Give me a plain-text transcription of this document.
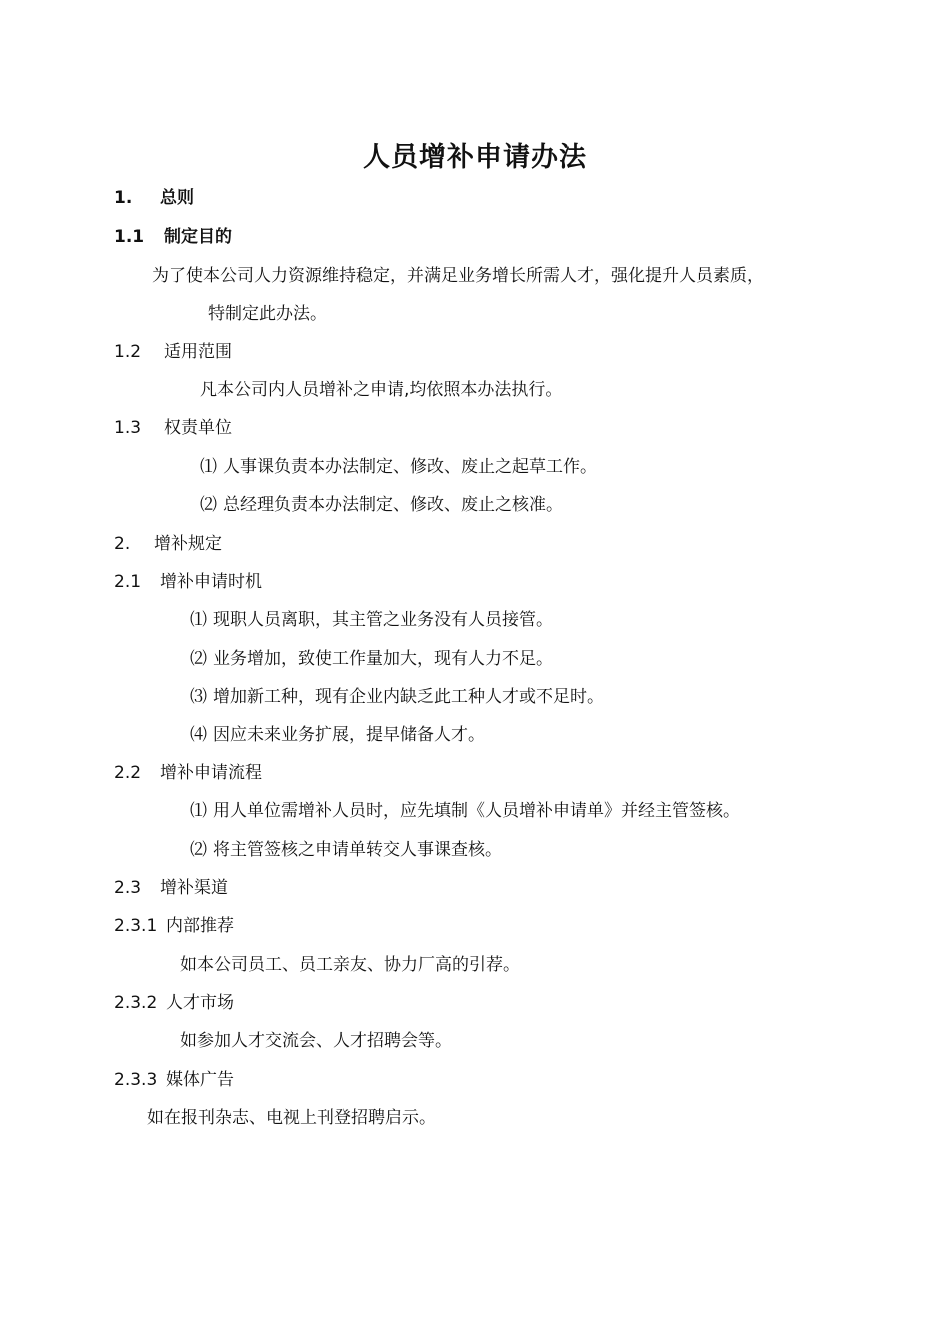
人员增补申请办法
1. 总则
1.1 制定目的
为了使本公司人力资源维持稳定，并满足业务增长所需人才，强化提升人员素质，
特制定此办法。
1.2 适用范围
凡本公司内人员增补之申请,均依照本办法执行。
1.3 权责单位
⑴ 人事课负责本办法制定、修改、废止之起草工作。
⑵ 总经理负责本办法制定、修改、废止之核准。
2. 增补规定
2.1 增补申请时机
⑴ 现职人员离职，其主管之业务没有人员接管。
⑵ 业务增加，致使工作量加大，现有人力不足。
⑶ 增加新工种，现有企业内缺乏此工种人才或不足时。
⑷ 因应未来业务扩展，提早储备人才。
2.2 增补申请流程
⑴ 用人单位需增补人员时，应先填制《人员增补申请单》并经主管签核。
⑵ 将主管签核之申请单转交人事课查核。
2.3 增补渠道
2.3.1 内部推荐
如本公司员工、员工亲友、协力厂高的引荐。
2.3.2 人才市场
如参加人才交流会、人才招聘会等。
2.3.3 媒体广告
如在报刊杂志、电视上刊登招聘启示。
